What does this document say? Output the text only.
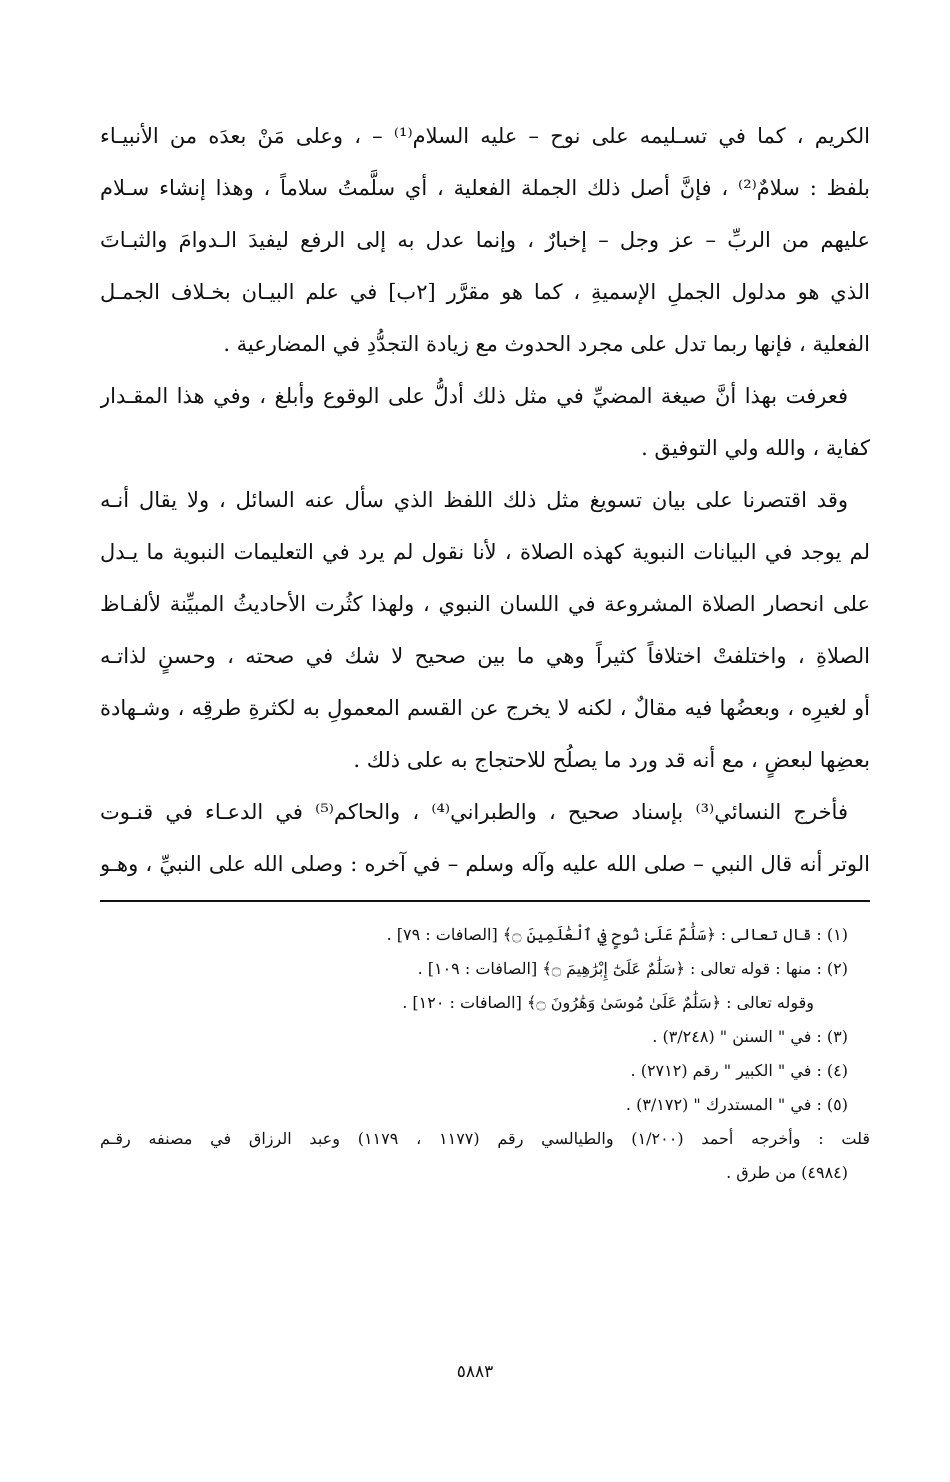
الكريم ، كما في تسـليمه على نوح – عليه السلام⁽¹⁾ – ، وعلى مَنْ بعدَه من الأنبيـاء
بلفظ : سلامٌ⁽²⁾ ، فإنَّ أصل ذلك الجملة الفعلية ، أي سلَّمتُ سلاماً ، وهذا إنشاء سـلام
عليهم من الربِّ – عز وجل – إخبارٌ ، وإنما عدل به إلى الرفع ليفيدَ الـدوامَ والثبـاتَ
الذي هو مدلول الجملِ الإسميةِ ، كما هو مقرَّر [٢ب] في علم البيـان بخـلاف الجمـل
الفعلية ، فإنها ربما تدل على مجرد الحدوث مع زيادة التجدُّدِ في المضارعية .
فعرفت بهذا أنَّ صيغة المضيِّ في مثل ذلك أدلُّ على الوقوع وأبلغ ، وفي هذا المقـدار
كفاية ، والله ولي التوفيق .
وقد اقتصرنا على بيان تسويغ مثل ذلك اللفظ الذي سأل عنه السائل ، ولا يقال أنـه
لم يوجد في البيانات النبوية كهذه الصلاة ، لأنا نقول لم يرد في التعليمات النبوية ما يـدل
على انحصار الصلاة المشروعة في اللسان النبوي ، ولهذا كثُرت الأحاديثُ المبيِّنة لألفـاظ
الصلاةِ ، واختلفتْ اختلافاً كثيراً وهي ما بين صحيح لا شك في صحته ، وحسنٍ لذاتـه
أو لغيرِه ، وبعضُها فيه مقالٌ ، لكنه لا يخرج عن القسم المعمولِ به لكثرةِ طرقِه ، وشـهادة
بعضِها لبعضٍ ، مع أنه قد ورد ما يصلُح للاحتجاج به على ذلك .
فأخرج النسائي⁽³⁾ بإسناد صحيح ، والطبراني⁽⁴⁾ ، والحاكم⁽⁵⁾ في الدعـاء في قنـوت
الوتر أنه قال النبي – صلى الله عليه وآله وسلم – في آخره : وصلى الله على النبيِّ ، وهـو
(١) : قال تعالى : ﴿سَلَٰمٌ عَلَىٰ نُوحٍ فِي ٱلْعَٰلَمِينَ ۝﴾ [الصافات : ٧٩] .
(٢) : منها : قوله تعالى : ﴿سَلَٰمٌ عَلَىٰٓ إِبْرَٰهِيمَ ۝﴾ [الصافات : ١٠٩] .
وقوله تعالى : ﴿سَلَٰمٌ عَلَىٰ مُوسَىٰ وَهَٰرُونَ ۝﴾ [الصافات : ١٢٠] .
(٣) : في " السنن " (٣/٢٤٨) .
(٤) : في " الكبير " رقم (٢٧١٢) .
(٥) : في " المستدرك " (٣/١٧٢) .
قلت : وأخرجه أحمد (١/٢٠٠) والطيالسي رقم (١١٧٧ ، ١١٧٩) وعبد الرزاق في مصنفه رقـم
(٤٩٨٤) من طرق .
٥٨٨٣
